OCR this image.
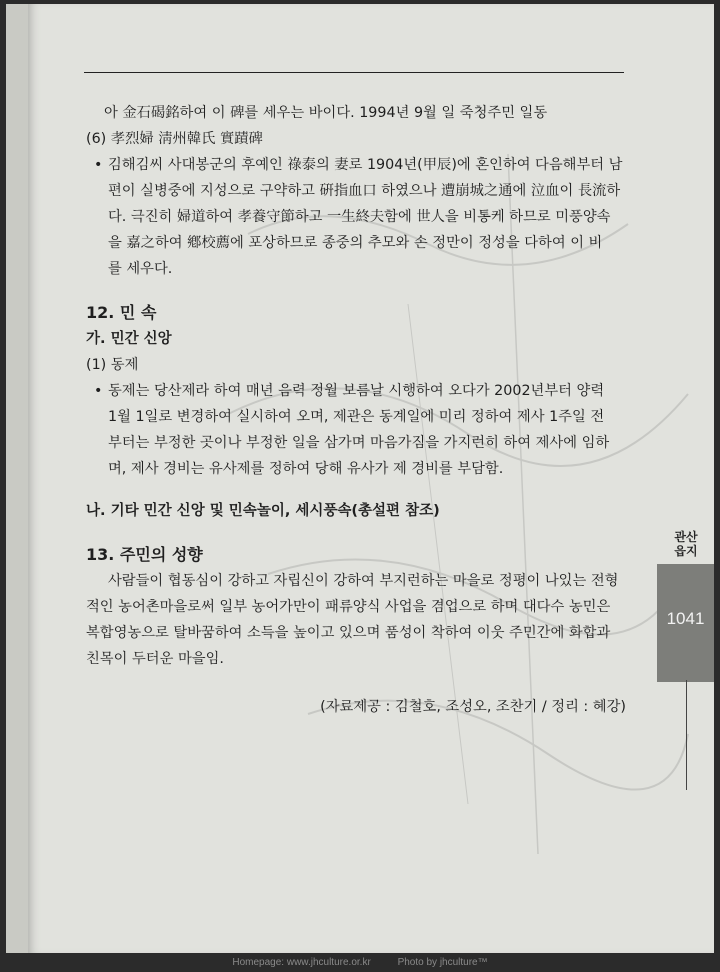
아 金石碣銘하여 이 碑를 세우는 바이다. 1994년 9월 일 죽청주민 일동
(6) 孝烈婦 淸州韓氏 實蹟碑
• 김해김씨 사대봉군의 후예인 祿泰의 妻로 1904년(甲辰)에 혼인하여 다음해부터 남
편이 실병중에 지성으로 구약하고 硏指血口 하였으나 遭崩城之通에 泣血이 長流하
다. 극진히 婦道하여 孝養守節하고 一生終夫함에 世人을 비통케 하므로 미풍양속
을 嘉之하여 鄕校薦에 포상하므로 종중의 추모와 손 정만이 정성을 다하여 이 비
를 세우다.
12. 민 속
가. 민간 신앙
(1) 동제
• 동제는 당산제라 하여 매년 음력 정월 보름날 시행하여 오다가 2002년부터 양력
1월 1일로 변경하여 실시하여 오며, 제관은 동계일에 미리 정하여 제사 1주일 전
부터는 부정한 곳이나 부정한 일을 삼가며 마음가짐을 가지런히 하여 제사에 임하
며, 제사 경비는 유사제를 정하여 당해 유사가 제 경비를 부담함.
나. 기타 민간 신앙 및 민속놀이, 세시풍속(총설편 참조)
13. 주민의 성향
사람들이 협동심이 강하고 자립신이 강하여 부지런하는 마을로 정평이 나있는 전형
적인 농어촌마을로써 일부 농어가만이 패류양식 사업을 겸업으로 하며 대다수 농민은
복합영농으로 탈바꿈하여 소득을 높이고 있으며 품성이 착하여 이웃 주민간에 화합과
친목이 두터운 마을임.
(자료제공 : 김철호, 조성오, 조찬기 / 정리 : 혜강)
관산읍지
1041
Homepage: www.jhculture.or.kr	Photo by jhculture™
